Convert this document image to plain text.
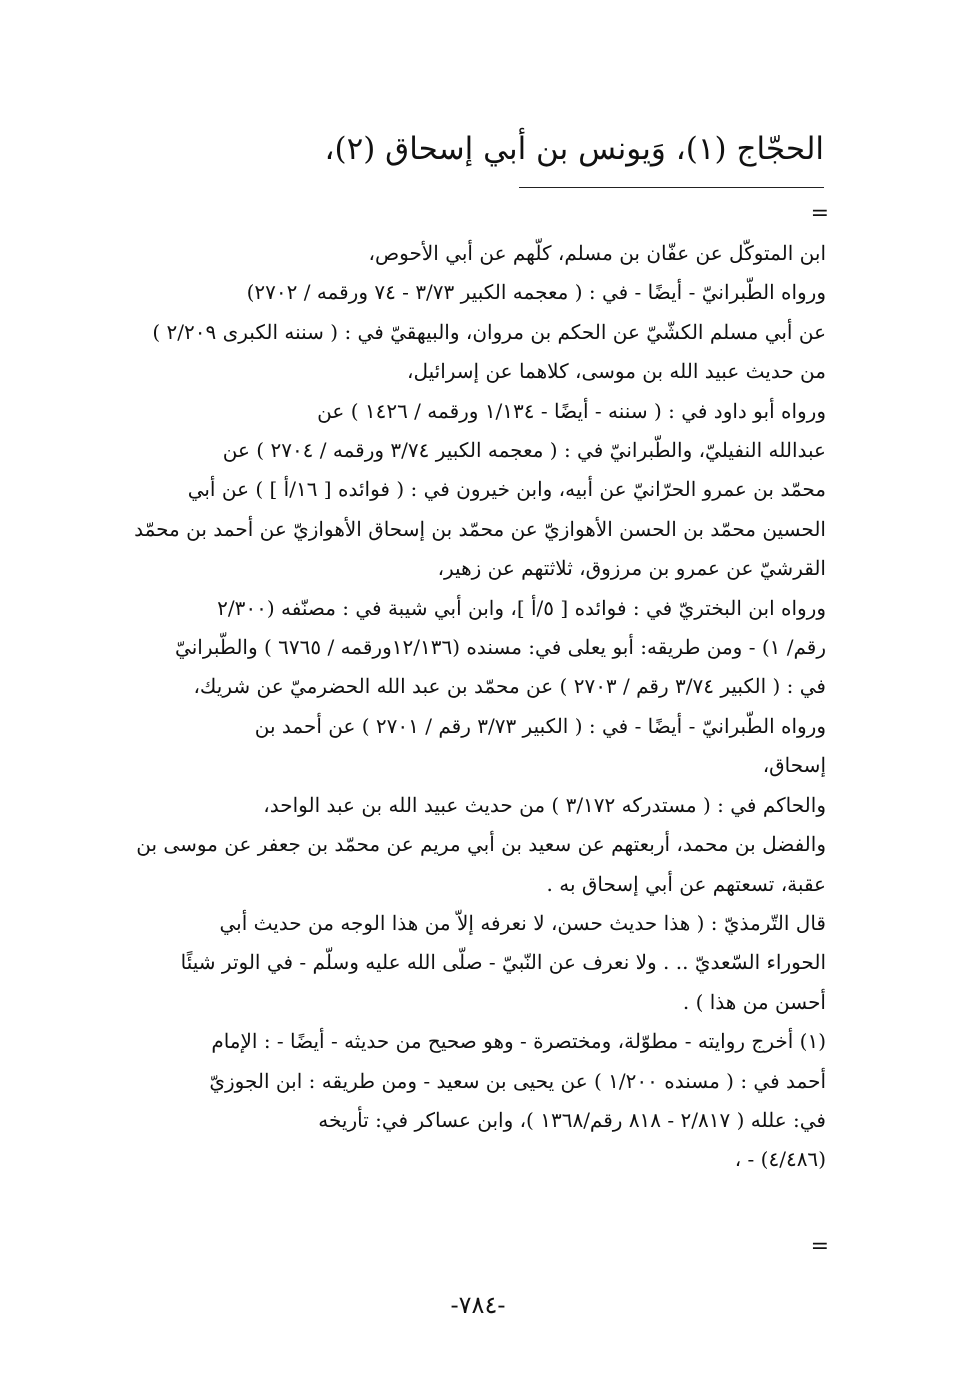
الحجّاج (١)، وَيونس بن أبي إسحاق (٢)،
=

ابن المتوكّل عن عفّان بن مسلم، كلّهم عن أبي الأحوص،

ورواه الطّبرانيّ - أيضًا - في : ( معجمه الكبير ٣/٧٣ - ٧٤ ورقمه / ٢٧٠٢)

عن أبي مسلم الكشّيّ عن الحكم بن مروان، والبيهقيّ في : ( سننه الكبرى ٢/٢٠٩ )

من حديث عبيد الله بن موسى، كلاهما عن إسرائيل،

ورواه أبو داود في : ( سننه - أيضًا - ١/١٣٤ ورقمه / ١٤٢٦ ) عن

عبدالله النفيليّ، والطّبرانيّ في : ( معجمه الكبير ٣/٧٤ ورقمه / ٢٧٠٤ ) عن

محمّد بن عمرو الحرّانيّ عن أبيه، وابن خيرون في : ( فوائده [ ١٦/أ ] ) عن أبي

الحسين محمّد بن الحسن الأهوازيّ عن محمّد بن إسحاق الأهوازيّ عن أحمد بن محمّد

القرشيّ عن عمرو بن مرزوق، ثلاثتهم عن زهير،

ورواه ابن البختريّ في : فوائده [ ٥/أ ]، وابن أبي شيبة في : مصنّفه (٢/٣٠٠

رقم/ ١) - ومن طريقه: أبو يعلى في: مسنده (١٢/١٣٦ورقمه / ٦٧٦٥ ) والطّبرانيّ

في : ( الكبير ٣/٧٤ رقم / ٢٧٠٣ ) عن محمّد بن عبد الله الحضرميّ عن شريك،

ورواه الطّبرانيّ - أيضًا - في : ( الكبير ٣/٧٣ رقم / ٢٧٠١ ) عن أحمد بن

إسحاق،

والحاكم في : ( مستدركه ٣/١٧٢ ) من حديث عبيد الله بن عبد الواحد،

والفضل بن محمد، أربعتهم عن سعيد بن أبي مريم عن محمّد بن جعفر عن موسى بن

عقبة، تسعتهم عن أبي إسحاق به .

قال التّرمذيّ : ( هذا حديث حسن، لا نعرفه إلاّ من هذا الوجه من حديث أبي

الحوراء السّعديّ .. . ولا نعرف عن النّبيّ - صلّى الله عليه وسلّم - في الوتر شيئًا

أحسن من هذا ) .

(١) أخرج روايته - مطوّلة، ومختصرة - وهو صحيح من حديثه - أيضًا - : الإمام

أحمد في : ( مسنده ١/٢٠٠ ) عن يحيى بن سعيد - ومن طريقه : ابن الجوزيّ

في: علله ( ٢/٨١٧ - ٨١٨ رقم/١٣٦٨ )، وابن عساكر في: تأريخه

(٤/٤٨٦) - ،

=
-٧٨٤-
